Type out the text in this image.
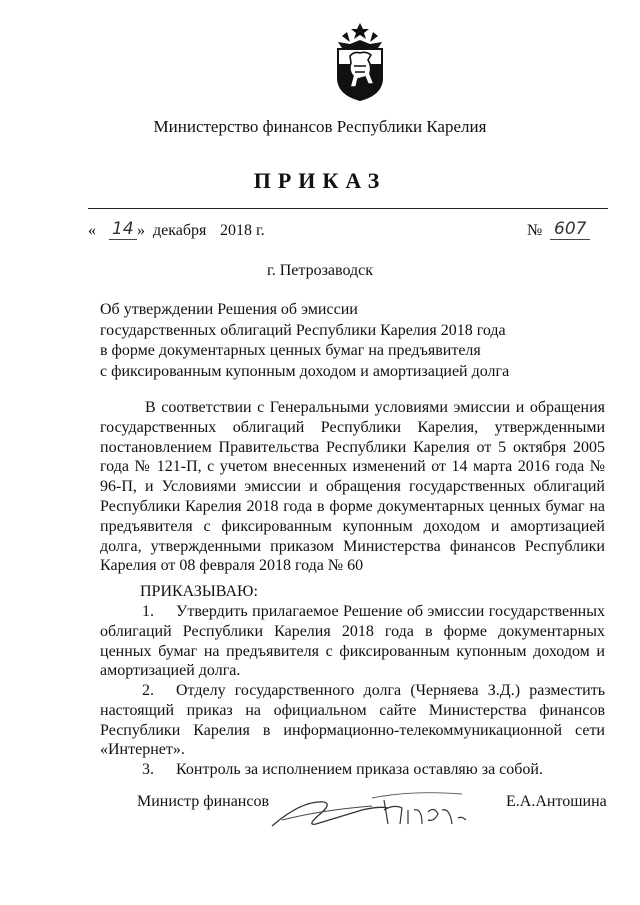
Министерство финансов Республики Карелия
ПРИКАЗ
« 14 » декабря 2018 г.	№ 607
г. Петрозаводск
Об утверждении Решения об эмиссии
государственных облигаций Республики Карелия 2018 года
в форме документарных ценных бумаг на предъявителя
с фиксированным купонным доходом и амортизацией долга

В соответствии с Генеральными условиями эмиссии и обращения государственных облигаций Республики Карелия, утвержденными постановлением Правительства Республики Карелия от 5 октября 2005 года № 121-П, с учетом внесенных изменений от 14 марта 2016 года № 96-П, и Условиями эмиссии и обращения государственных облигаций Республики Карелия 2018 года в форме документарных ценных бумаг на предъявителя с фиксированным купонным доходом и амортизацией долга, утвержденными приказом Министерства финансов Республики Карелия от 08 февраля 2018 года № 60

ПРИКАЗЫВАЮ:

1. Утвердить прилагаемое Решение об эмиссии государственных облигаций Республики Карелия 2018 года в форме документарных ценных бумаг на предъявителя с фиксированным купонным доходом и амортизацией долга.

2. Отделу государственного долга (Черняева З.Д.) разместить настоящий приказ на официальном сайте Министерства финансов Республики Карелия в информационно-телекоммуникационной сети «Интернет».

3. Контроль за исполнением приказа оставляю за собой.

Министр финансов	Е.А.Антошина
